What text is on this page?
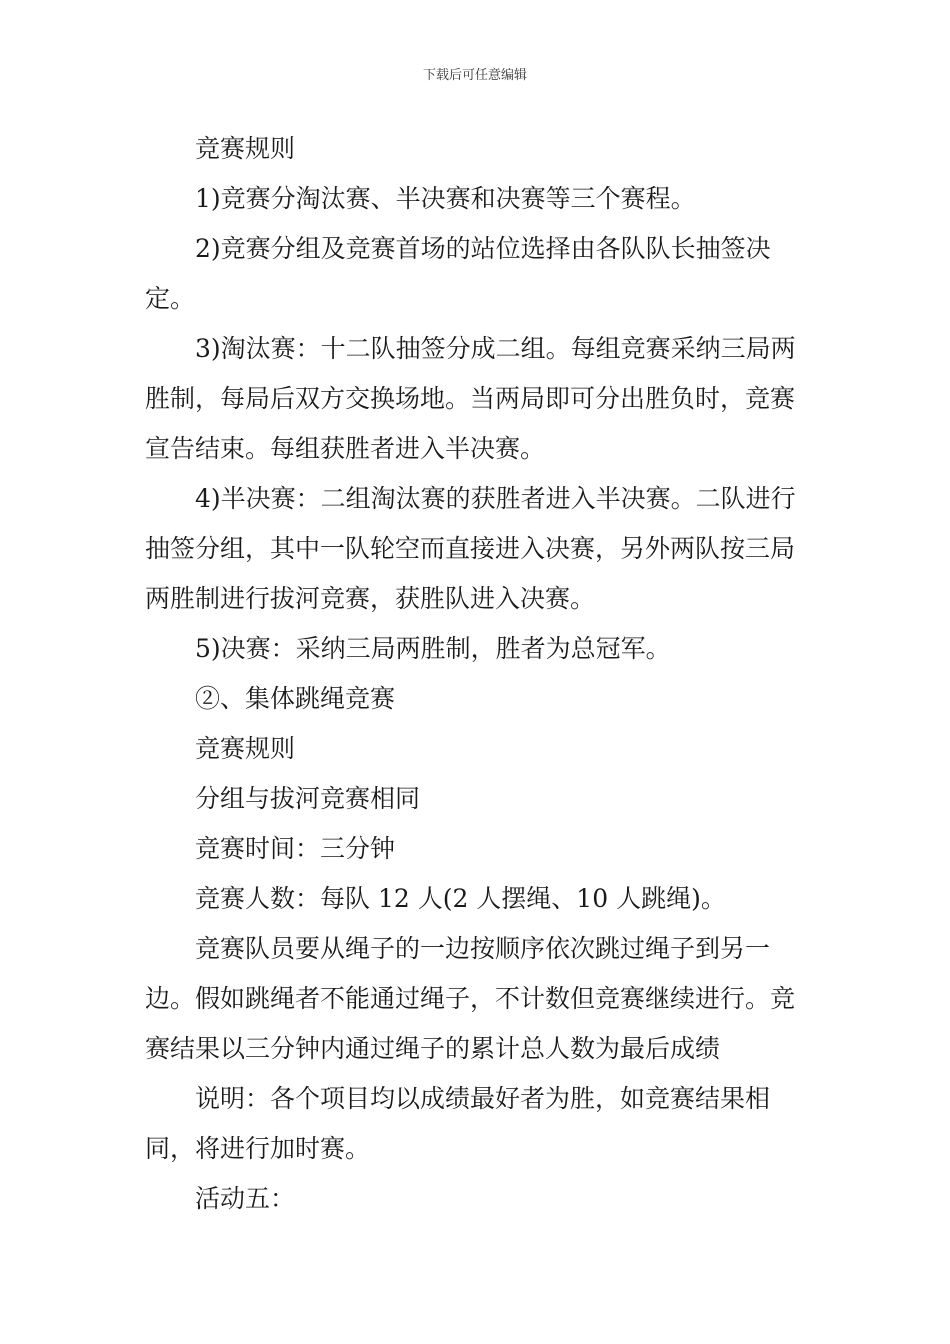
下载后可任意编辑

竞赛规则

1)竞赛分淘汰赛、半决赛和决赛等三个赛程。

2)竞赛分组及竞赛首场的站位选择由各队队长抽签决定。

3)淘汰赛：十二队抽签分成二组。每组竞赛采纳三局两胜制，每局后双方交换场地。当两局即可分出胜负时，竞赛宣告结束。每组获胜者进入半决赛。

4)半决赛：二组淘汰赛的获胜者进入半决赛。二队进行抽签分组，其中一队轮空而直接进入决赛，另外两队按三局两胜制进行拔河竞赛，获胜队进入决赛。

5)决赛：采纳三局两胜制，胜者为总冠军。

②、集体跳绳竞赛

竞赛规则

分组与拔河竞赛相同

竞赛时间：三分钟

竞赛人数：每队 12 人(2 人摆绳、10 人跳绳)。

竞赛队员要从绳子的一边按顺序依次跳过绳子到另一边。假如跳绳者不能通过绳子，不计数但竞赛继续进行。竞赛结果以三分钟内通过绳子的累计总人数为最后成绩

说明：各个项目均以成绩最好者为胜，如竞赛结果相同，将进行加时赛。

活动五：
